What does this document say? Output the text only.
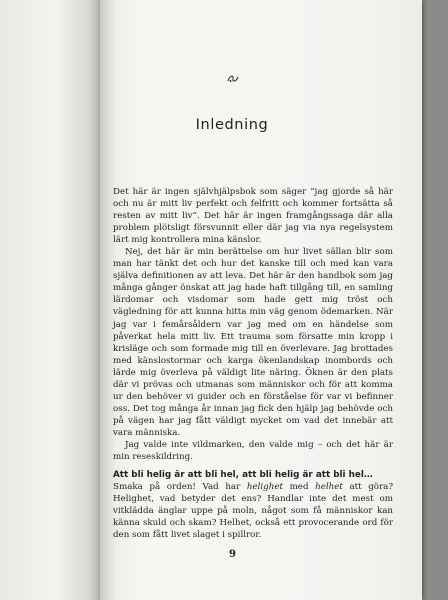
Inledning

Det här är ingen självhjälpsbok som säger ”jag gjorde så här och nu är mitt liv perfekt och felfritt och kommer fortsätta så resten av mitt liv”. Det här är ingen framgångssaga där alla problem plötsligt försvunnit eller där jag via nya regelsystem lärt mig kontrollera mina känslor.

Nej, det här är min berättelse om hur livet sällan blir som man har tänkt det och hur det kanske till och med kan vara själva definitionen av att leva. Det här är den handbok som jag många gånger önskat att jag hade haft tillgång till, en samling lärdomar och visdomar som hade gett mig tröst och vägledning för att kunna hitta min väg genom ödemarken. När jag var i femårsåldern var jag med om en händelse som påverkat hela mitt liv. Ett trauma som försatte min kropp i krisläge och som formade mig till en överlevare. Jag brottades med känslostormar och karga ökenlandskap inombords och lärde mig överleva på väldigt lite näring. Öknen är den plats där vi prövas och utmanas som människor och för att komma ur den behöver vi guider och en förståelse för var vi befinner oss. Det tog många år innan jag fick den hjälp jag behövde och på vägen har jag fått väldigt mycket om vad det innebär att vara människa.

Jag valde inte vildmarken, den valde mig – och det här är min reseskildring.

Att bli helig är att bli hel, att bli helig är att bli hel…

Smaka på orden! Vad har helighet med helhet att göra? Helighet, vad betyder det ens? Handlar inte det mest om vitklädda änglar uppe på moln, något som få människor kan känna skuld och skam? Helhet, också ett provocerande ord för den som fått livet slaget i spillror.

9
